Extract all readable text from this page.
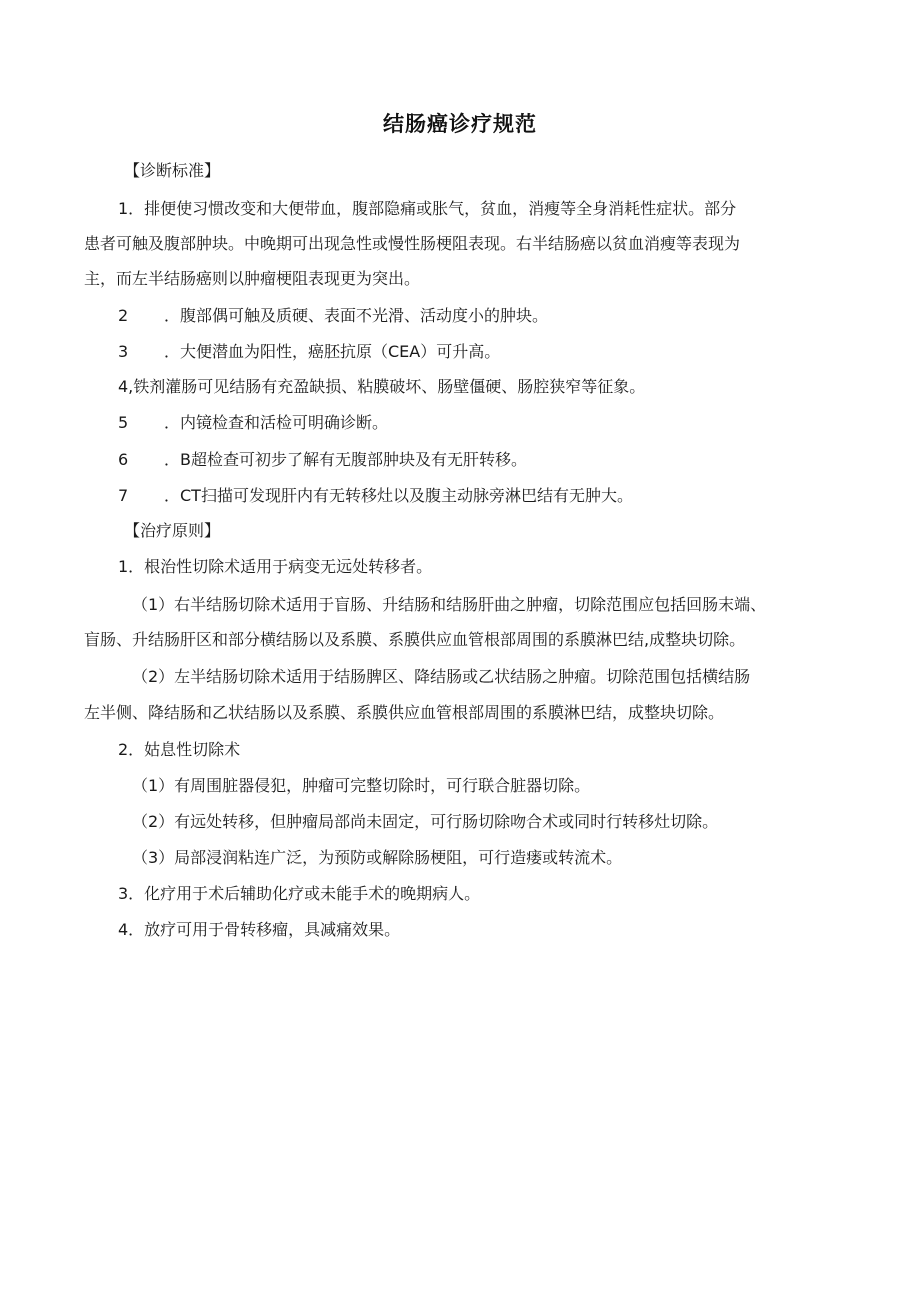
结肠癌诊疗规范
【诊断标准】
1．排便使习惯改变和大便带血，腹部隐痛或胀气，贫血，消瘦等全身消耗性症状。部分
患者可触及腹部肿块。中晚期可出现急性或慢性肠梗阻表现。右半结肠癌以贫血消瘦等表现为
主，而左半结肠癌则以肿瘤梗阻表现更为突出。
2 ．腹部偶可触及质硬、表面不光滑、活动度小的肿块。
3 ．大便潜血为阳性，癌胚抗原（CEA）可升高。
4,铁剂灌肠可见结肠有充盈缺损、粘膜破坏、肠壁僵硬、肠腔狭窄等征象。
5 ．内镜检查和活检可明确诊断。
6 ．B超检查可初步了解有无腹部肿块及有无肝转移。
7 ．CT扫描可发现肝内有无转移灶以及腹主动脉旁淋巴结有无肿大。
【治疗原则】
1．根治性切除术适用于病变无远处转移者。
（1）右半结肠切除术适用于盲肠、升结肠和结肠肝曲之肿瘤，切除范围应包括回肠末端、
盲肠、升结肠肝区和部分横结肠以及系膜、系膜供应血管根部周围的系膜淋巴结,成整块切除。
（2）左半结肠切除术适用于结肠脾区、降结肠或乙状结肠之肿瘤。切除范围包括横结肠
左半侧、降结肠和乙状结肠以及系膜、系膜供应血管根部周围的系膜淋巴结，成整块切除。
2．姑息性切除术
（1）有周围脏器侵犯，肿瘤可完整切除时，可行联合脏器切除。
（2）有远处转移，但肿瘤局部尚未固定，可行肠切除吻合术或同时行转移灶切除。
（3）局部浸润粘连广泛，为预防或解除肠梗阻，可行造瘘或转流术。
3．化疗用于术后辅助化疗或未能手术的晚期病人。
4．放疗可用于骨转移瘤，具减痛效果。
